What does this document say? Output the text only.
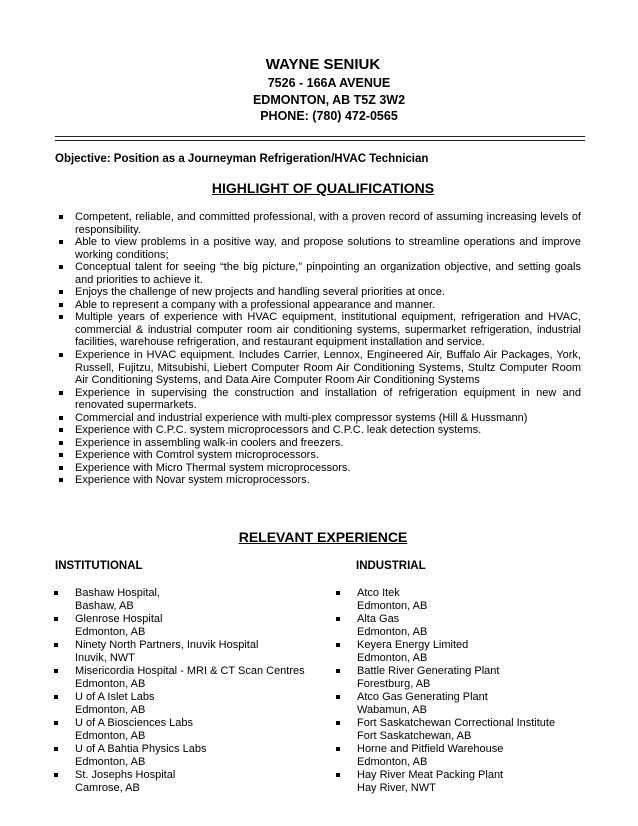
WAYNE SENIUK
7526 - 166A AVENUE
EDMONTON, AB T5Z 3W2
PHONE: (780) 472-0565
Objective: Position as a Journeyman Refrigeration/HVAC Technician
HIGHLIGHT OF QUALIFICATIONS
Competent, reliable, and committed professional, with a proven record of assuming increasing levels of responsibility.
Able to view problems in a positive way, and propose solutions to streamline operations and improve working conditions;
Conceptual talent for seeing “the big picture,” pinpointing an organization objective, and setting goals and priorities to achieve it.
Enjoys the challenge of new projects and handling several priorities at once.
Able to represent a company with a professional appearance and manner.
Multiple years of experience with HVAC equipment, institutional equipment, refrigeration and HVAC, commercial & industrial computer room air conditioning systems, supermarket refrigeration, industrial facilities, warehouse refrigeration, and restaurant equipment installation and service.
Experience in HVAC equipment. Includes Carrier, Lennox, Engineered Air, Buffalo Air Packages, York, Russell, Fujitzu, Mitsubishi, Liebert Computer Room Air Conditioning Systems, Stultz Computer Room Air Conditioning Systems, and Data Aire Computer Room Air Conditioning Systems
Experience in supervising the construction and installation of refrigeration equipment in new and renovated supermarkets.
Commercial and industrial experience with multi-plex compressor systems (Hill & Hussmann)
Experience with C.P.C. system microprocessors and C.P.C. leak detection systems.
Experience in assembling walk-in coolers and freezers.
Experience with Comtrol system microprocessors.
Experience with Micro Thermal system microprocessors.
Experience with Novar system microprocessors.
RELEVANT EXPERIENCE
INSTITUTIONAL	INDUSTRIAL
Bashaw Hospital,
Bashaw, AB
Glenrose Hospital
Edmonton, AB
Ninety North Partners, Inuvik Hospital
Inuvik, NWT
Misericordia Hospital - MRI & CT Scan Centres
Edmonton, AB
U of A Islet Labs
Edmonton, AB
U of A Biosciences Labs
Edmonton, AB
U of A Bahtia Physics Labs
Edmonton, AB
St. Josephs Hospital
Camrose, AB
Atco Itek
Edmonton, AB
Alta Gas
Edmonton, AB
Keyera Energy Limited
Edmonton, AB
Battle River Generating Plant
Forestburg, AB
Atco Gas Generating Plant
Wabamun, AB
Fort Saskatchewan Correctional Institute
Fort Saskatchewan, AB
Horne and Pitfield Warehouse
Edmonton, AB
Hay River Meat Packing Plant
Hay River, NWT
